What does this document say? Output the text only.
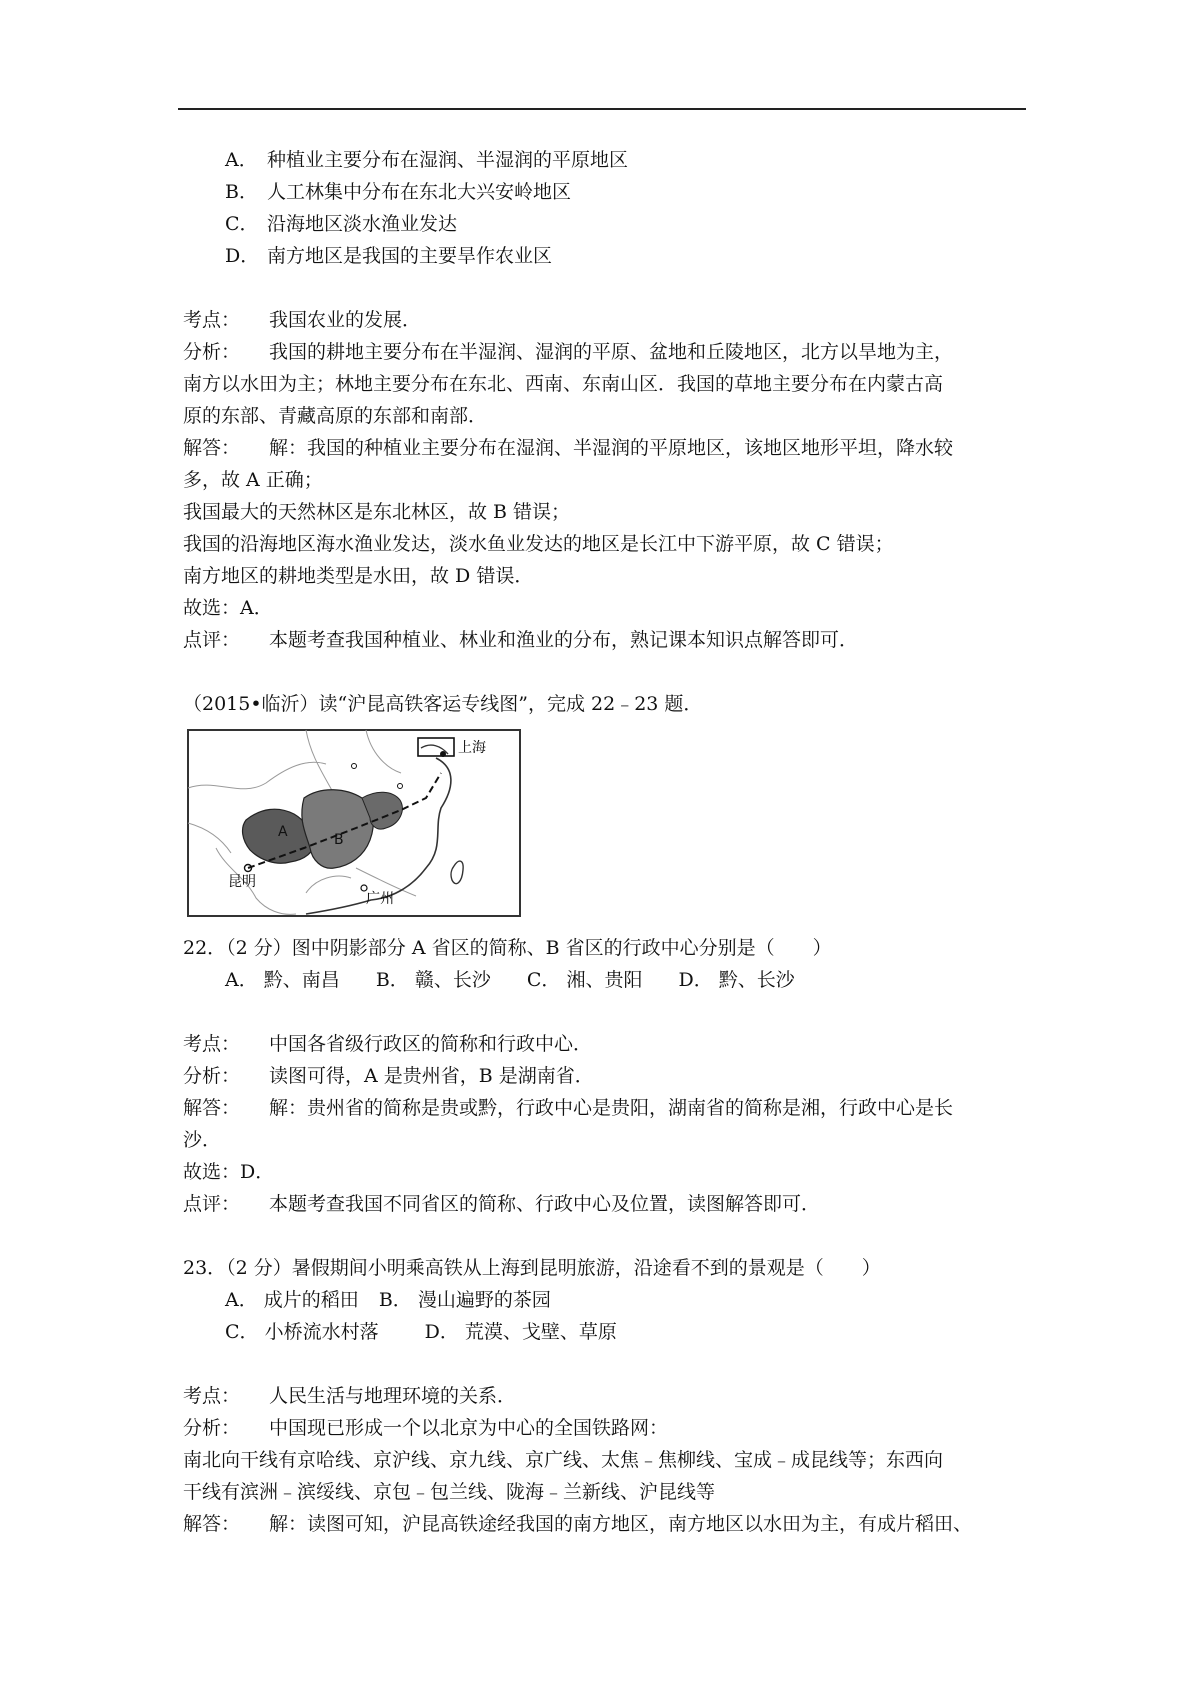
A． 种植业主要分布在湿润、半湿润的平原地区
B． 人工林集中分布在东北大兴安岭地区
C． 沿海地区淡水渔业发达
D． 南方地区是我国的主要旱作农业区
考点： 我国农业的发展．
分析： 我国的耕地主要分布在半湿润、湿润的平原、盆地和丘陵地区，北方以旱地为主，
南方以水田为主；林地主要分布在东北、西南、东南山区．我国的草地主要分布在内蒙古高
原的东部、青藏高原的东部和南部．
解答： 解：我国的种植业主要分布在湿润、半湿润的平原地区，该地区地形平坦，降水较
多，故 A 正确；
我国最大的天然林区是东北林区，故 B 错误；
我国的沿海地区海水渔业发达，淡水鱼业发达的地区是长江中下游平原，故 C 错误；
南方地区的耕地类型是水田，故 D 错误．
故选：A．
点评： 本题考查我国种植业、林业和渔业的分布，熟记课本知识点解答即可．
（2015•临沂）读“沪昆高铁客运专线图”，完成 22﹣23 题．
上海
昆明
广州
A	B
22．（2 分）图中阴影部分 A 省区的简称、B 省区的行政中心分别是（　　）
A． 黔、南昌 B． 赣、长沙 C． 湘、贵阳 D． 黔、长沙
考点： 中国各省级行政区的简称和行政中心．
分析： 读图可得，A 是贵州省，B 是湖南省．
解答： 解：贵州省的简称是贵或黔，行政中心是贵阳，湖南省的简称是湘，行政中心是长
沙．
故选：D．
点评： 本题考查我国不同省区的简称、行政中心及位置，读图解答即可．
23．（2 分）暑假期间小明乘高铁从上海到昆明旅游，沿途看不到的景观是（　　）
A． 成片的稻田 B． 漫山遍野的茶园
C． 小桥流水村落 D． 荒漠、戈壁、草原
考点： 人民生活与地理环境的关系．
分析： 中国现已形成一个以北京为中心的全国铁路网：
南北向干线有京哈线、京沪线、京九线、京广线、太焦﹣焦柳线、宝成﹣成昆线等；东西向
干线有滨洲﹣滨绥线、京包﹣包兰线、陇海﹣兰新线、沪昆线等
解答： 解：读图可知，沪昆高铁途经我国的南方地区，南方地区以水田为主，有成片稻田、
